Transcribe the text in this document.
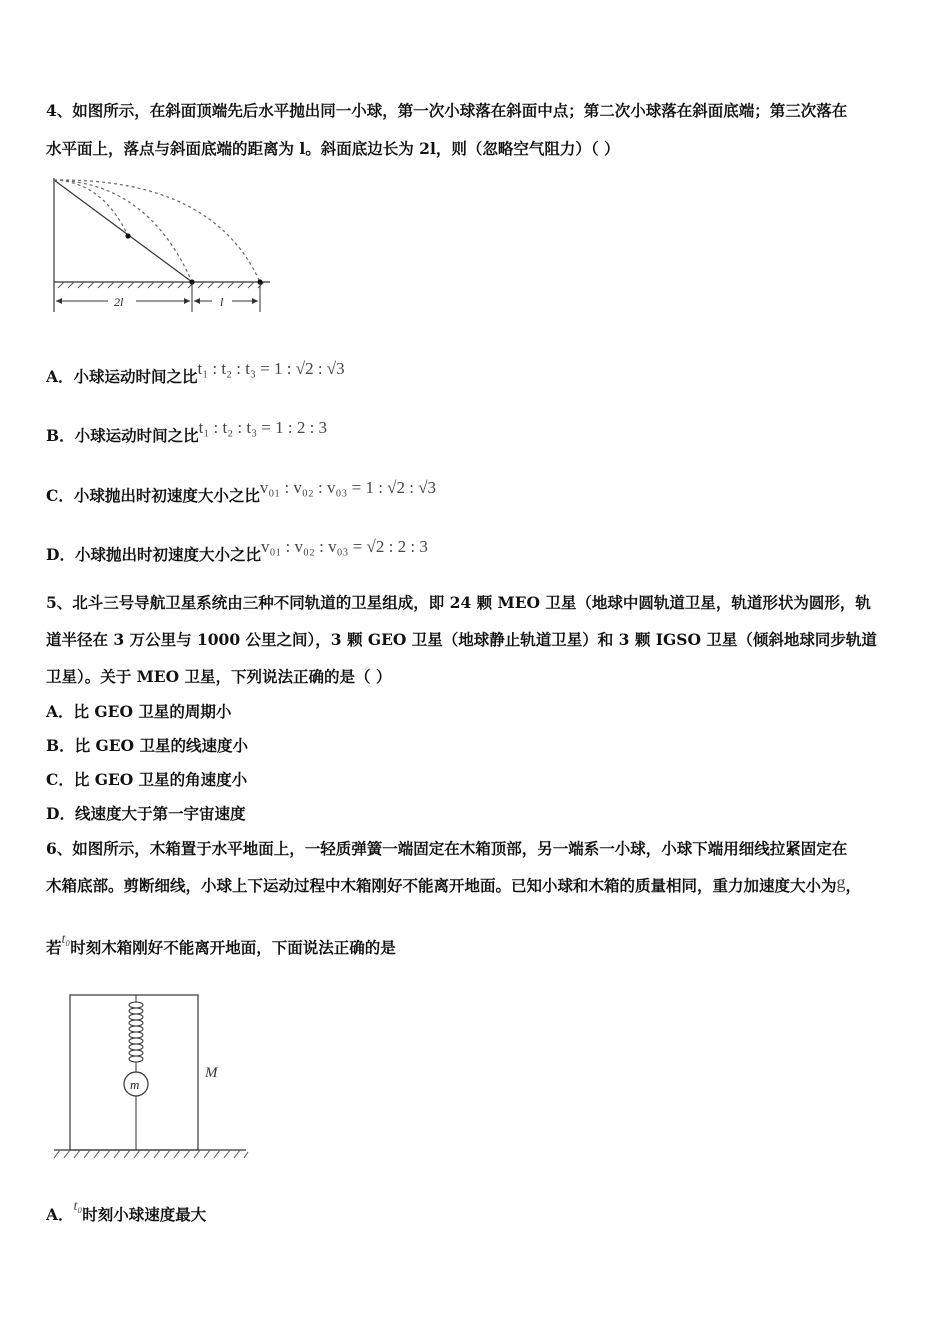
4、如图所示，在斜面顶端先后水平抛出同一小球，第一次小球落在斜面中点；第二次小球落在斜面底端；第三次落在
水平面上，落点与斜面底端的距离为 l。斜面底边长为 2l，则（忽略空气阻力）（ ）
2l	l
A．小球运动时间之比t₁ : t₂ : t₃ = 1 : √2 : √3
B．小球运动时间之比t₁ : t₂ : t₃ = 1 : 2 : 3
C．小球抛出时初速度大小之比v₀₁ : v₀₂ : v₀₃ = 1 : √2 : √3
D．小球抛出时初速度大小之比v₀₁ : v₀₂ : v₀₃ = √2 : 2 : 3
5、北斗三号导航卫星系统由三种不同轨道的卫星组成，即 24 颗 MEO 卫星（地球中圆轨道卫星，轨道形状为圆形，轨
道半径在 3 万公里与 1000 公里之间），3 颗 GEO 卫星（地球静止轨道卫星）和 3 颗 IGSO 卫星（倾斜地球同步轨道
卫星）。关于 MEO 卫星，下列说法正确的是（ ）
A．比 GEO 卫星的周期小
B．比 GEO 卫星的线速度小
C．比 GEO 卫星的角速度小
D．线速度大于第一宇宙速度
6、如图所示，木箱置于水平地面上，一轻质弹簧一端固定在木箱顶部，另一端系一小球，小球下端用细线拉紧固定在
木箱底部。剪断细线，小球上下运动过程中木箱刚好不能离开地面。已知小球和木箱的质量相同，重力加速度大小为g，
若t₀时刻木箱刚好不能离开地面，下面说法正确的是
m
M
A．t₀时刻小球速度最大
